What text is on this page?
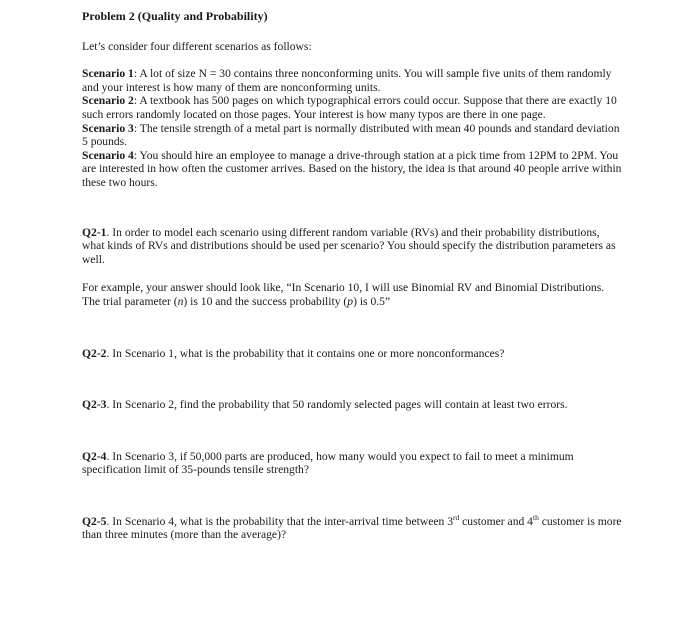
Problem 2 (Quality and Probability)

Let’s consider four different scenarios as follows:

Scenario 1: A lot of size N = 30 contains three nonconforming units. You will sample five units of them randomly and your interest is how many of them are nonconforming units.

Scenario 2: A textbook has 500 pages on which typographical errors could occur. Suppose that there are exactly 10 such errors randomly located on those pages. Your interest is how many typos are there in one page.

Scenario 3: The tensile strength of a metal part is normally distributed with mean 40 pounds and standard deviation 5 pounds.

Scenario 4: You should hire an employee to manage a drive-through station at a pick time from 12PM to 2PM. You are interested in how often the customer arrives. Based on the history, the idea is that around 40 people arrive within these two hours.

Q2-1. In order to model each scenario using different random variable (RVs) and their probability distributions, what kinds of RVs and distributions should be used per scenario? You should specify the distribution parameters as well.

For example, your answer should look like, “In Scenario 10, I will use Binomial RV and Binomial Distributions. The trial parameter (n) is 10 and the success probability (p) is 0.5”

Q2-2. In Scenario 1, what is the probability that it contains one or more nonconformances?

Q2-3. In Scenario 2, find the probability that 50 randomly selected pages will contain at least two errors.

Q2-4. In Scenario 3, if 50,000 parts are produced, how many would you expect to fail to meet a minimum specification limit of 35-pounds tensile strength?

Q2-5. In Scenario 4, what is the probability that the inter-arrival time between 3rd customer and 4th customer is more than three minutes (more than the average)?
